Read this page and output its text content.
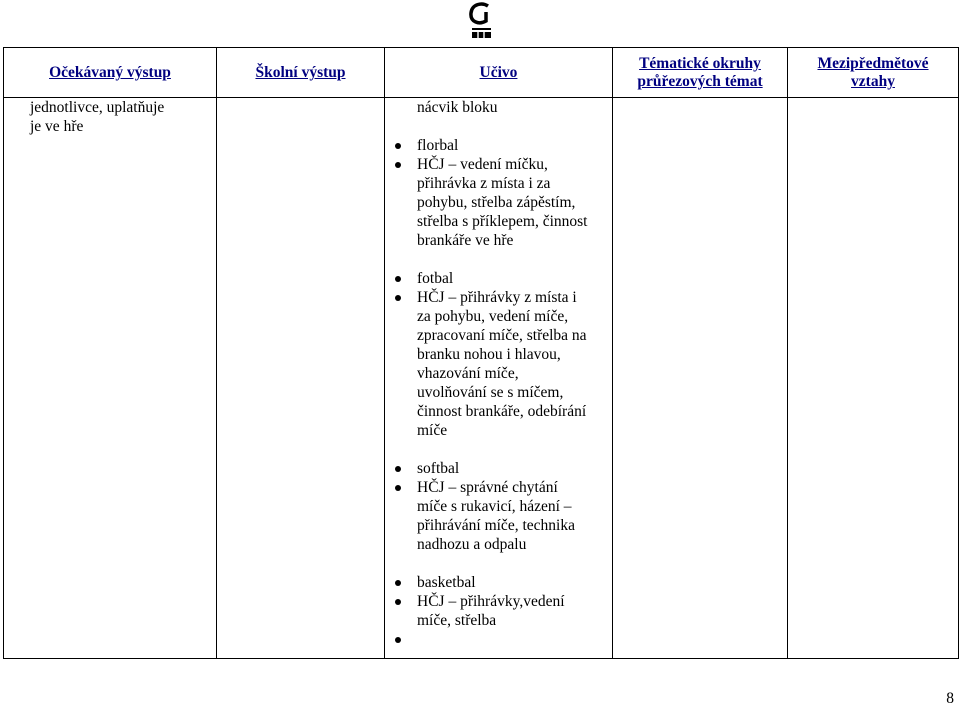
Očekávaný výstup	Školní výstup	Učivo
Tématické okruhy
průřezových témat
Mezipředmětové
vztahy
jednotlivce, uplatňuje
je ve hře
nácvik bloku
florbal
HČJ – vedení míčku,
přihrávka z místa i za
pohybu, střelba zápěstím,
střelba s příklepem, činnost
brankáře ve hře
fotbal
HČJ – přihrávky z místa i
za pohybu, vedení míče,
zpracovaní míče, střelba na
branku nohou i hlavou,
vhazování míče,
uvolňování se s míčem,
činnost brankáře, odebírání
míče
softbal
HČJ – správné chytání
míče s rukavicí, házení –
přihrávání míče, technika
nadhozu a odpalu
basketbal
HČJ – přihrávky,vedení
míče, střelba
8
